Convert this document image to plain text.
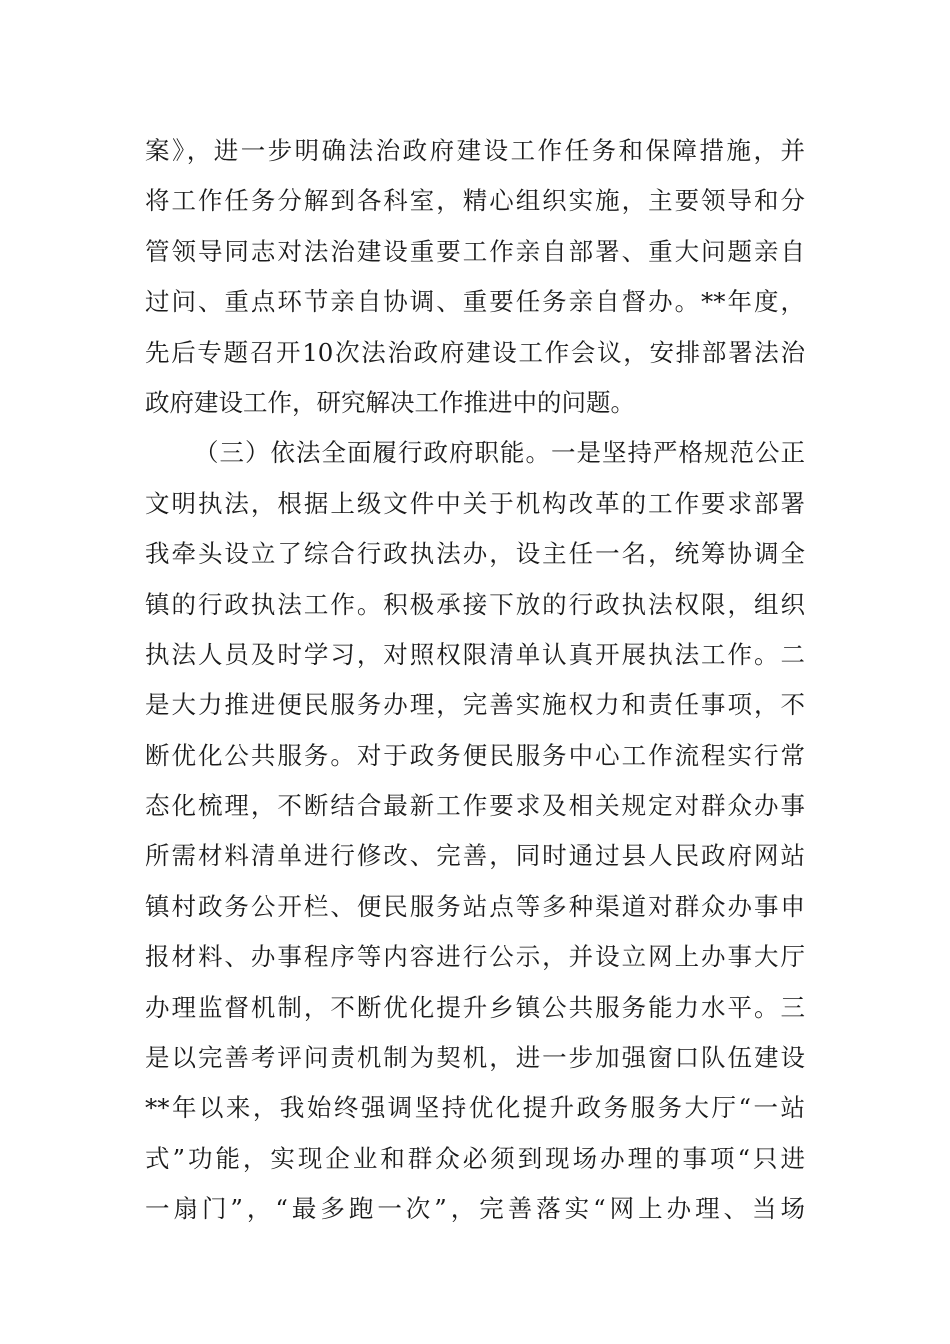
案》，进一步明确法治政府建设工作任务和保障措施，并
将工作任务分解到各科室，精心组织实施，主要领导和分
管领导同志对法治建设重要工作亲自部署、重大问题亲自
过问、重点环节亲自协调、重要任务亲自督办。**年度，
先后专题召开10次法治政府建设工作会议，安排部署法治
政府建设工作，研究解决工作推进中的问题。
（三）依法全面履行政府职能。一是坚持严格规范公正
文明执法，根据上级文件中关于机构改革的工作要求部署
我牵头设立了综合行政执法办，设主任一名，统筹协调全
镇的行政执法工作。积极承接下放的行政执法权限，组织
执法人员及时学习，对照权限清单认真开展执法工作。二
是大力推进便民服务办理，完善实施权力和责任事项，不
断优化公共服务。对于政务便民服务中心工作流程实行常
态化梳理，不断结合最新工作要求及相关规定对群众办事
所需材料清单进行修改、完善，同时通过县人民政府网站
镇村政务公开栏、便民服务站点等多种渠道对群众办事申
报材料、办事程序等内容进行公示，并设立网上办事大厅
办理监督机制，不断优化提升乡镇公共服务能力水平。三
是以完善考评问责机制为契机，进一步加强窗口队伍建设
**年以来，我始终强调坚持优化提升政务服务大厅“一站
式”功能，实现企业和群众必须到现场办理的事项“只进
一扇门”，“最多跑一次”，完善落实“网上办理、当场
